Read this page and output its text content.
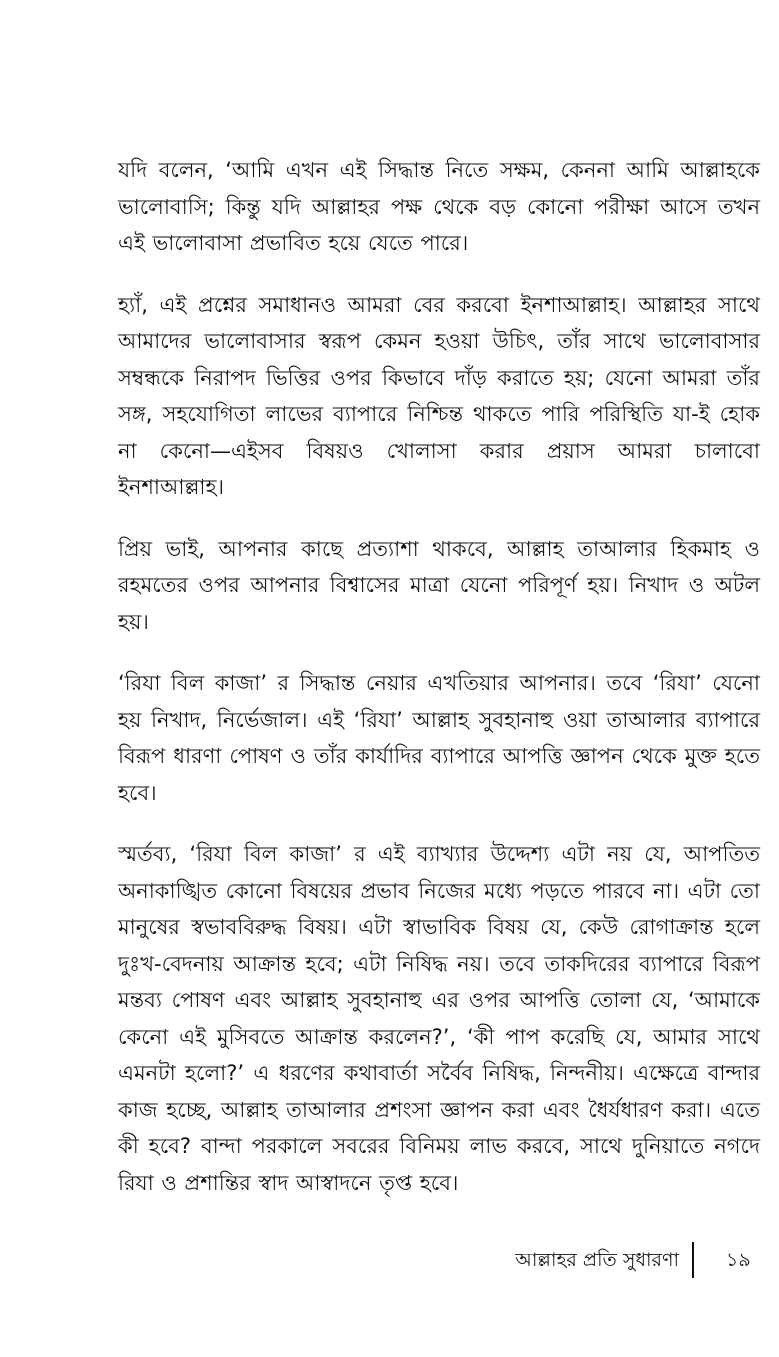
যদি বলেন, ‘আমি এখন এই সিদ্ধান্ত নিতে সক্ষম, কেননা আমি আল্লাহকে ভালোবাসি; কিন্তু যদি আল্লাহর পক্ষ থেকে বড় কোনো পরীক্ষা আসে তখন এই ভালোবাসা প্রভাবিত হয়ে যেতে পারে।

হ্যাঁ, এই প্রশ্নের সমাধানও আমরা বের করবো ইনশাআল্লাহ। আল্লাহর সাথে আমাদের ভালোবাসার স্বরূপ কেমন হওয়া উচিৎ, তাঁর সাথে ভালোবাসার সম্বন্ধকে নিরাপদ ভিত্তির ওপর কিভাবে দাঁড় করাতে হয়; যেনো আমরা তাঁর সঙ্গ, সহযোগিতা লাভের ব্যাপারে নিশ্চিন্ত থাকতে পারি পরিস্থিতি যা-ই হোক না কেনো—এইসব বিষয়ও খোলাসা করার প্রয়াস আমরা চালাবো ইনশাআল্লাহ।

প্রিয় ভাই, আপনার কাছে প্রত্যাশা থাকবে, আল্লাহ তাআলার হিকমাহ ও রহমতের ওপর আপনার বিশ্বাসের মাত্রা যেনো পরিপূর্ণ হয়। নিখাদ ও অটল হয়।

‘রিযা বিল কাজা’ র সিদ্ধান্ত নেয়ার এখতিয়ার আপনার। তবে ‘রিযা’ যেনো হয় নিখাদ, নির্ভেজাল। এই ‘রিযা’ আল্লাহ সুবহানাহু ওয়া তাআলার ব্যাপারে বিরূপ ধারণা পোষণ ও তাঁর কার্যাদির ব্যাপারে আপত্তি জ্ঞাপন থেকে মুক্ত হতে হবে।

স্মর্তব্য, ‘রিযা বিল কাজা’ র এই ব্যাখ্যার উদ্দেশ্য এটা নয় যে, আপতিত অনাকাঙ্খিত কোনো বিষয়ের প্রভাব নিজের মধ্যে পড়তে পারবে না। এটা তো মানুষের স্বভাববিরুদ্ধ বিষয়। এটা স্বাভাবিক বিষয় যে, কেউ রোগাক্রান্ত হলে দুঃখ-বেদনায় আক্রান্ত হবে; এটা নিষিদ্ধ নয়। তবে তাকদিরের ব্যাপারে বিরূপ মন্তব্য পোষণ এবং আল্লাহ সুবহানাহু এর ওপর আপত্তি তোলা যে, ‘আমাকে কেনো এই মুসিবতে আক্রান্ত করলেন?’, ‘কী পাপ করেছি যে, আমার সাথে এমনটা হলো?’ এ ধরণের কথাবার্তা সর্বৈব নিষিদ্ধ, নিন্দনীয়। এক্ষেত্রে বান্দার কাজ হচ্ছে, আল্লাহ তাআলার প্রশংসা জ্ঞাপন করা এবং ধৈর্যধারণ করা। এতে কী হবে? বান্দা পরকালে সবরের বিনিময় লাভ করবে, সাথে দুনিয়াতে নগদে রিযা ও প্রশান্তির স্বাদ আস্বাদনে তৃপ্ত হবে।

আল্লাহর প্রতি সুধারণা ১৯
